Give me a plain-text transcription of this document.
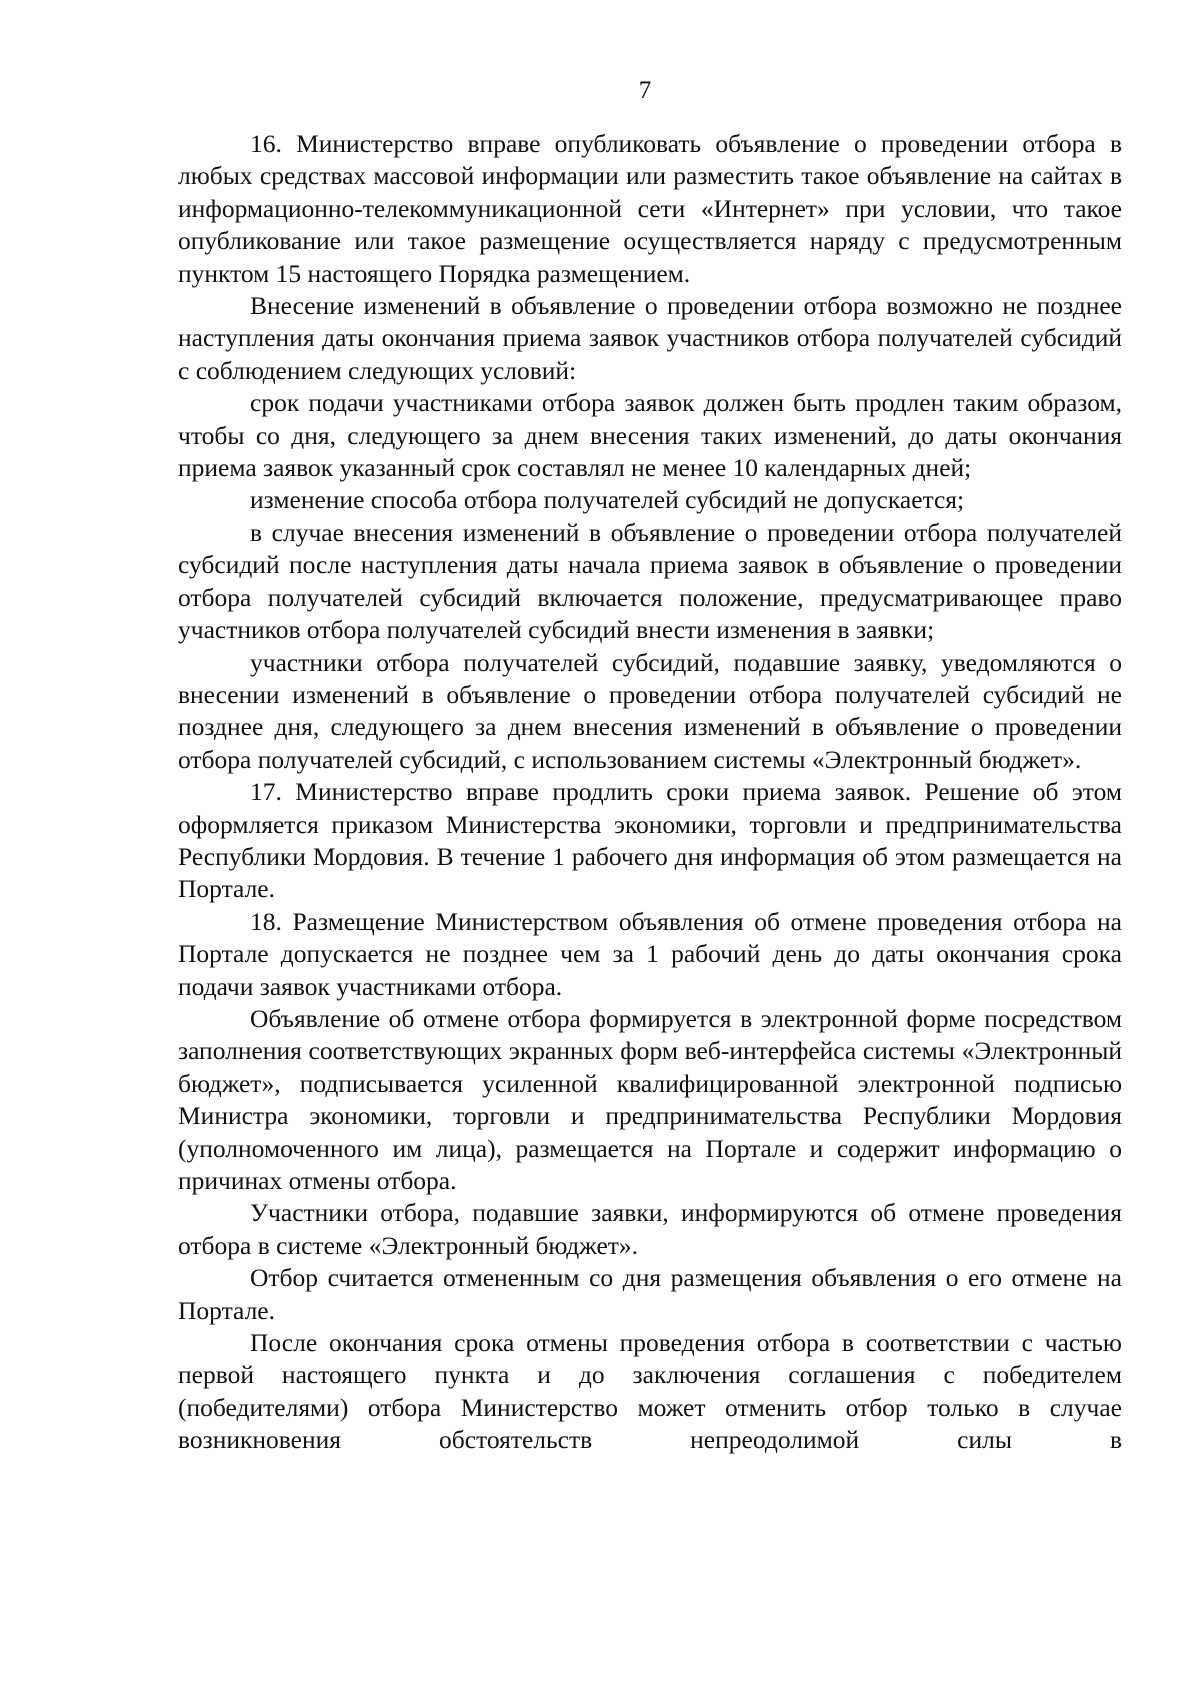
7

16. Министерство вправе опубликовать объявление о проведении отбора в любых средствах массовой информации или разместить такое объявление на сайтах в информационно-телекоммуникационной сети «Интернет» при условии, что такое опубликование или такое размещение осуществляется наряду с предусмотренным пунктом 15 настоящего Порядка размещением.

Внесение изменений в объявление о проведении отбора возможно не позднее наступления даты окончания приема заявок участников отбора получателей субсидий с соблюдением следующих условий:

срок подачи участниками отбора заявок должен быть продлен таким образом, чтобы со дня, следующего за днем внесения таких изменений, до даты окончания приема заявок указанный срок составлял не менее 10 календарных дней;

изменение способа отбора получателей субсидий не допускается;

в случае внесения изменений в объявление о проведении отбора получателей субсидий после наступления даты начала приема заявок в объявление о проведении отбора получателей субсидий включается положение, предусматривающее право участников отбора получателей субсидий внести изменения в заявки;

участники отбора получателей субсидий, подавшие заявку, уведомляются о внесении изменений в объявление о проведении отбора получателей субсидий не позднее дня, следующего за днем внесения изменений в объявление о проведении отбора получателей субсидий, с использованием системы «Электронный бюджет».

17. Министерство вправе продлить сроки приема заявок. Решение об этом оформляется приказом Министерства экономики, торговли и предпринимательства Республики Мордовия. В течение 1 рабочего дня информация об этом размещается на Портале.

18. Размещение Министерством объявления об отмене проведения отбора на Портале допускается не позднее чем за 1 рабочий день до даты окончания срока подачи заявок участниками отбора.

Объявление об отмене отбора формируется в электронной форме посредством заполнения соответствующих экранных форм веб-интерфейса системы «Электронный бюджет», подписывается усиленной квалифицированной электронной подписью Министра экономики, торговли и предпринимательства Республики Мордовия (уполномоченного им лица), размещается на Портале и содержит информацию о причинах отмены отбора.

Участники отбора, подавшие заявки, информируются об отмене проведения отбора в системе «Электронный бюджет».

Отбор считается отмененным со дня размещения объявления о его отмене на Портале.

После окончания срока отмены проведения отбора в соответствии с частью первой настоящего пункта и до заключения соглашения с победителем (победителями) отбора Министерство может отменить отбор только в случае возникновения обстоятельств непреодолимой силы в
